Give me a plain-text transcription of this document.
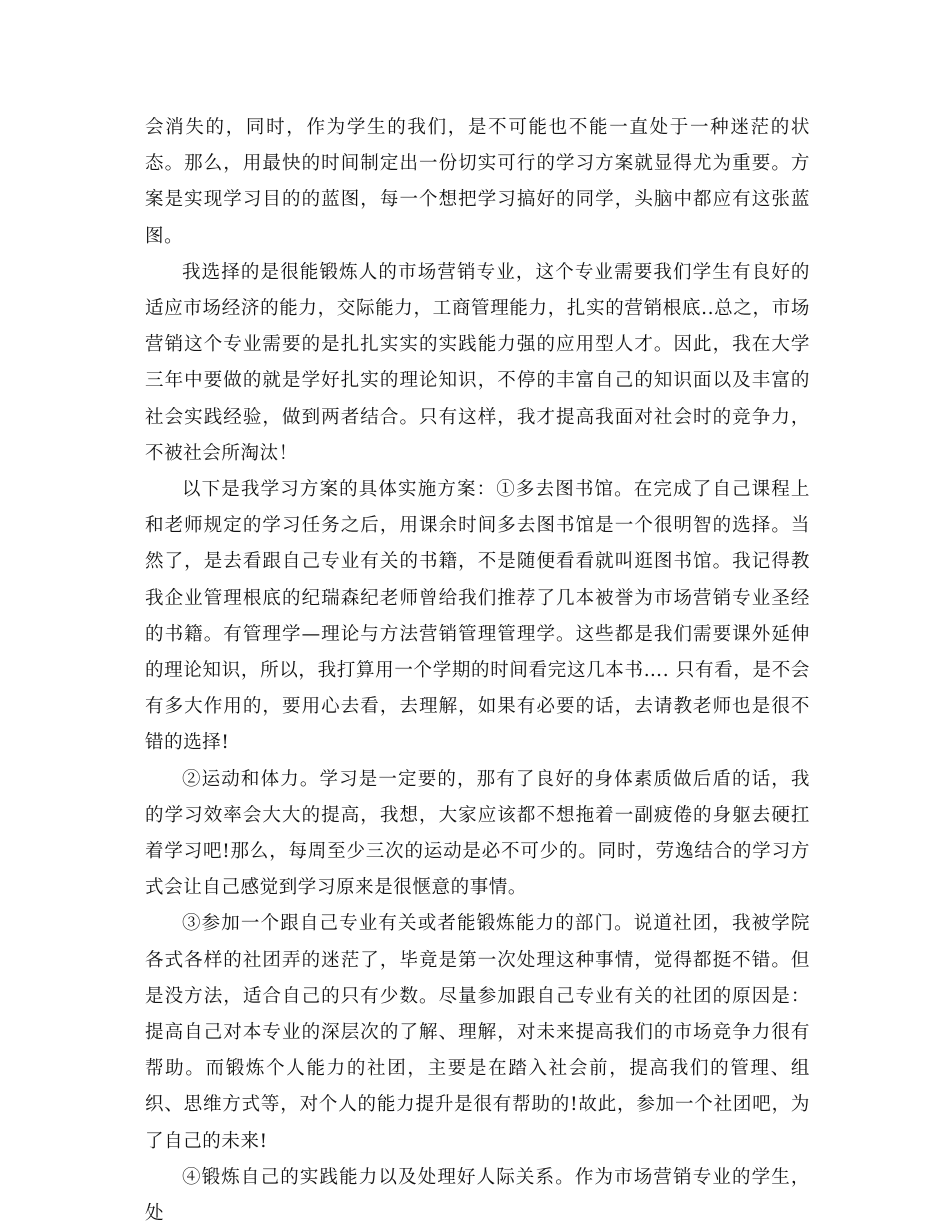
会消失的，同时，作为学生的我们，是不可能也不能一直处于一种迷茫的状态。那么，用最快的时间制定出一份切实可行的学习方案就显得尤为重要。方案是实现学习目的的蓝图，每一个想把学习搞好的同学，头脑中都应有这张蓝图。

我选择的是很能锻炼人的市场营销专业，这个专业需要我们学生有良好的适应市场经济的能力，交际能力，工商管理能力，扎实的营销根底..总之，市场营销这个专业需要的是扎扎实实的实践能力强的应用型人才。因此，我在大学三年中要做的就是学好扎实的理论知识，不停的丰富自己的知识面以及丰富的社会实践经验，做到两者结合。只有这样，我才提高我面对社会时的竞争力，不被社会所淘汰！

以下是我学习方案的具体实施方案：①多去图书馆。在完成了自己课程上和老师规定的学习任务之后，用课余时间多去图书馆是一个很明智的选择。当然了，是去看跟自己专业有关的书籍，不是随便看看就叫逛图书馆。我记得教我企业管理根底的纪瑞森纪老师曾给我们推荐了几本被誉为市场营销专业圣经的书籍。有管理学—理论与方法营销管理管理学。这些都是我们需要课外延伸的理论知识，所以，我打算用一个学期的时间看完这几本书…. 只有看，是不会有多大作用的，要用心去看，去理解，如果有必要的话，去请教老师也是很不错的选择!

②运动和体力。学习是一定要的，那有了良好的身体素质做后盾的话，我的学习效率会大大的提高，我想，大家应该都不想拖着一副疲倦的身躯去硬扛着学习吧!那么，每周至少三次的运动是必不可少的。同时，劳逸结合的学习方式会让自己感觉到学习原来是很惬意的事情。

③参加一个跟自己专业有关或者能锻炼能力的部门。说道社团，我被学院各式各样的社团弄的迷茫了，毕竟是第一次处理这种事情，觉得都挺不错。但是没方法，适合自己的只有少数。尽量参加跟自己专业有关的社团的原因是：提高自己对本专业的深层次的了解、理解，对未来提高我们的市场竞争力很有帮助。而锻炼个人能力的社团，主要是在踏入社会前，提高我们的管理、组织、思维方式等，对个人的能力提升是很有帮助的!故此，参加一个社团吧，为了自己的未来!

④锻炼自己的实践能力以及处理好人际关系。作为市场营销专业的学生，处
